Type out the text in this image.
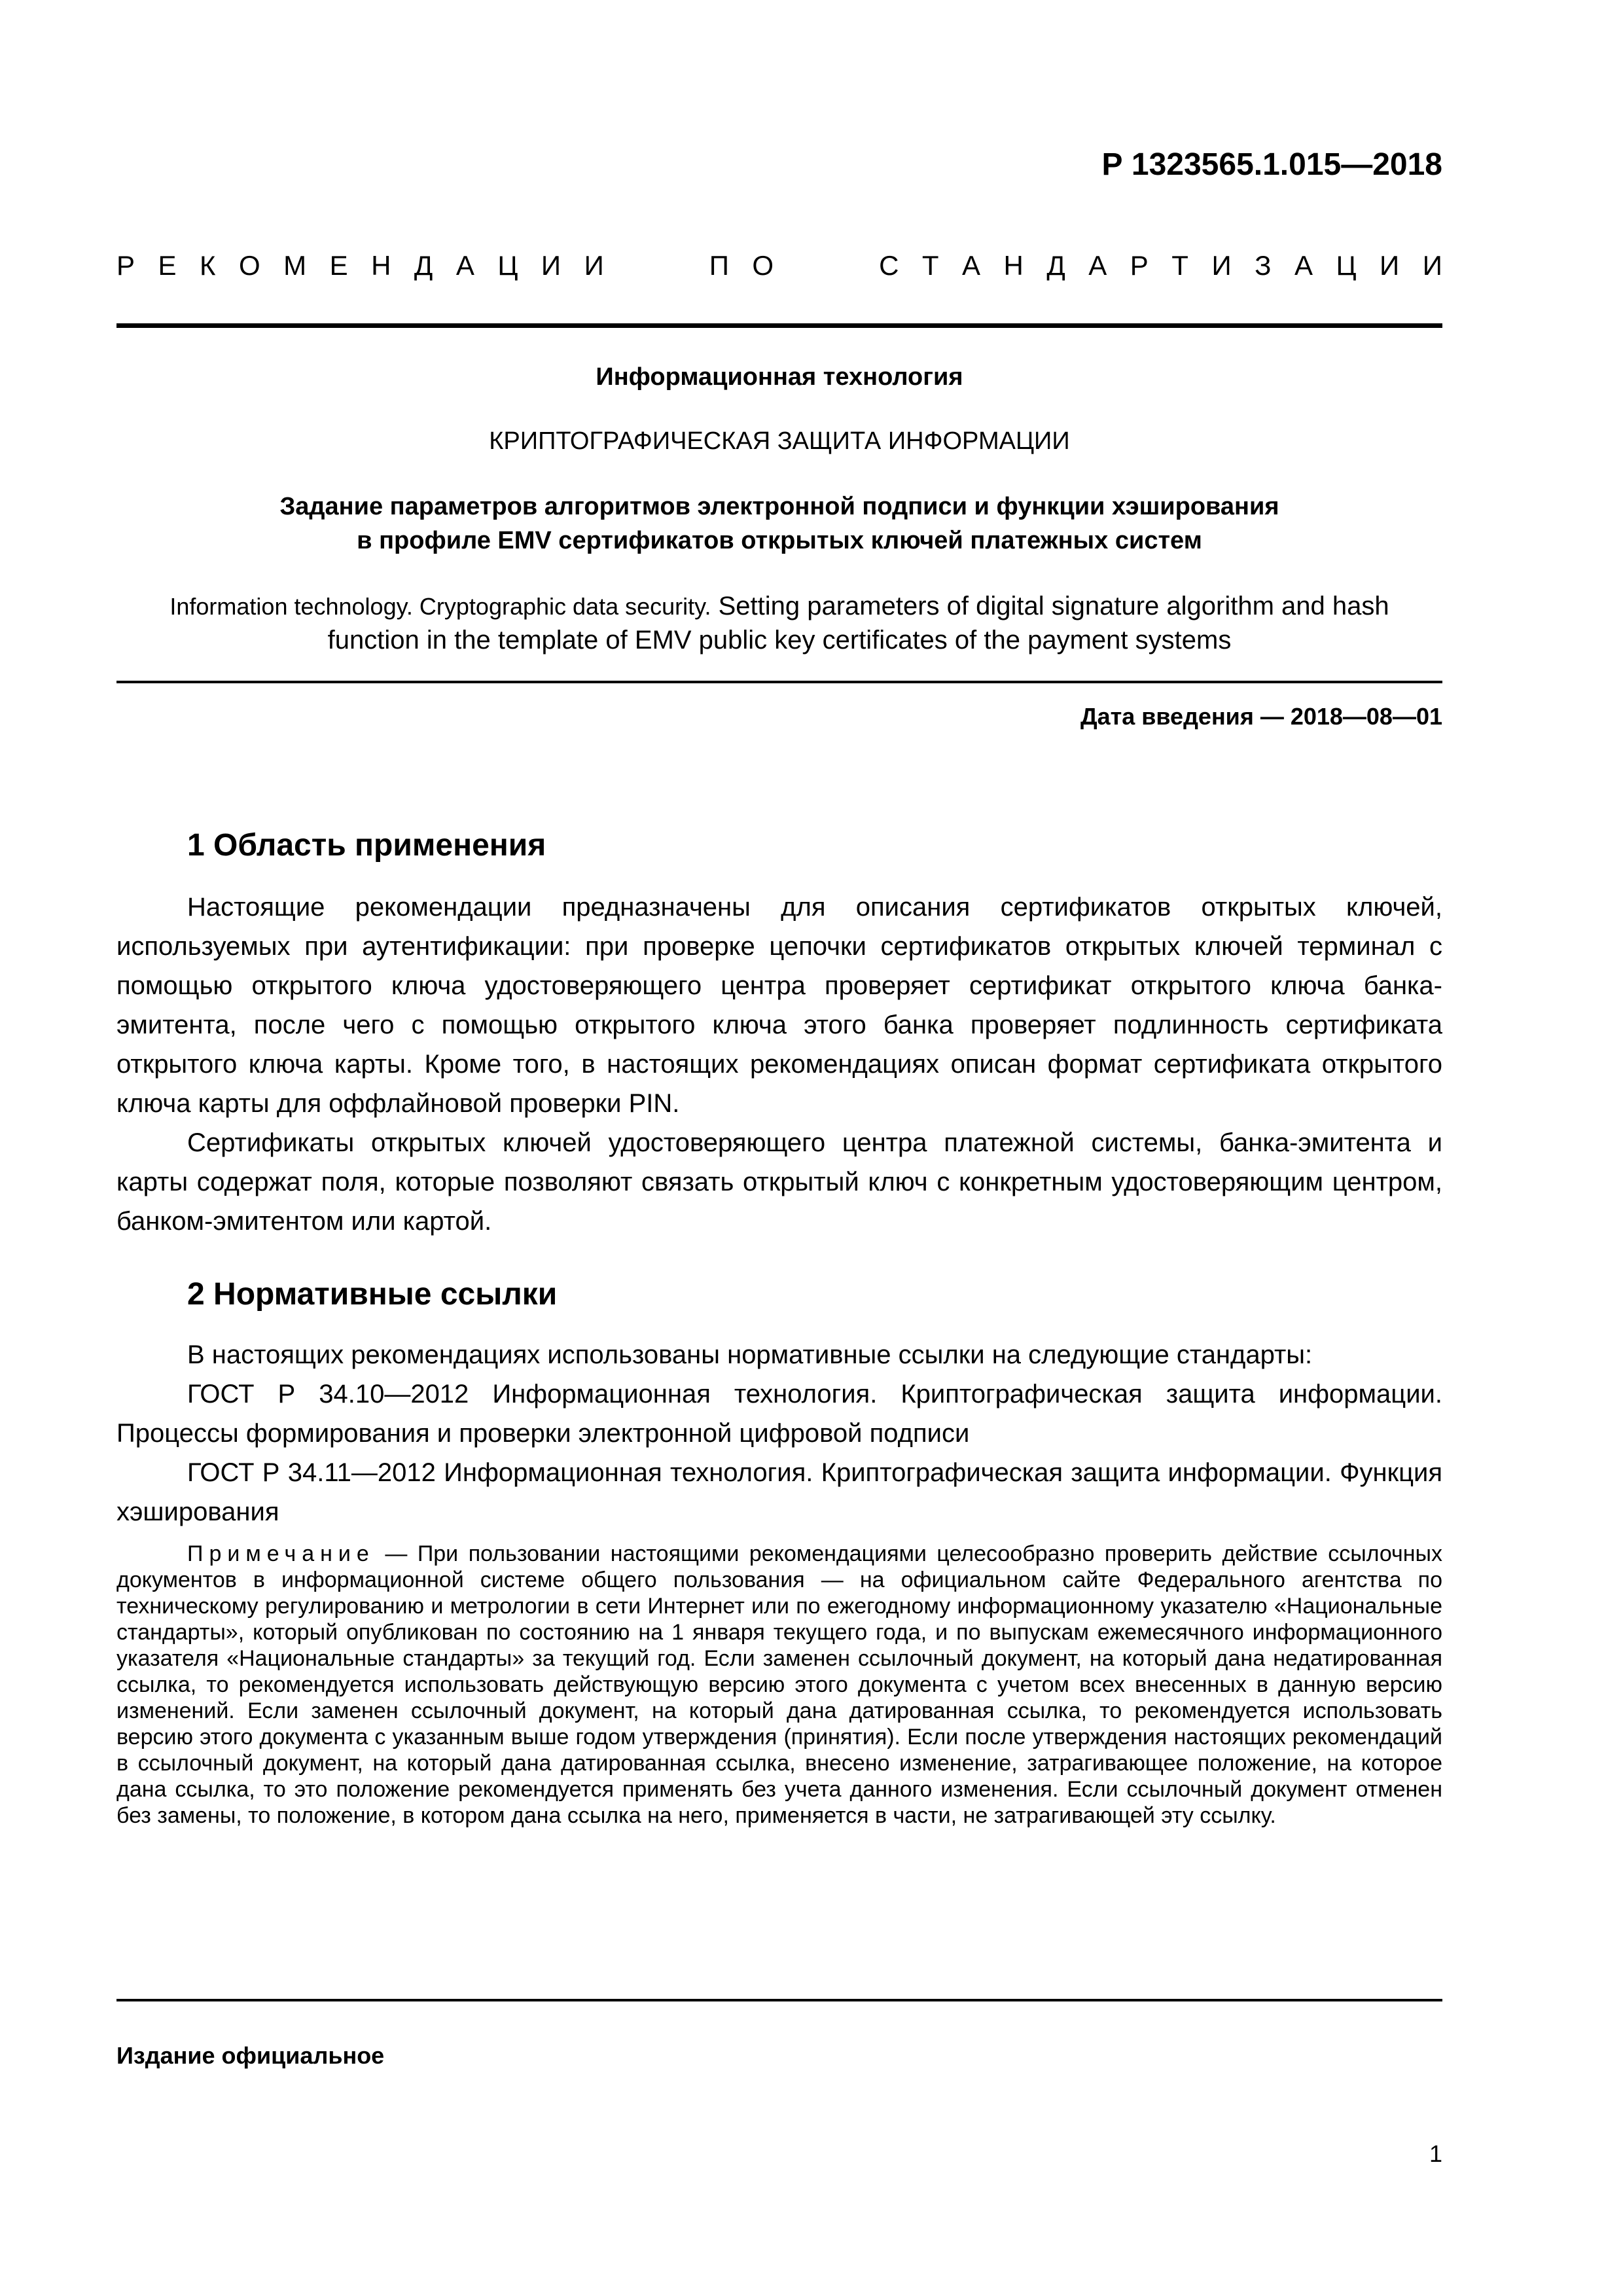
Р 1323565.1.015—2018
Р Е К О М Е Н Д А Ц И И	П О	С Т А Н Д А Р Т И З А Ц И И
Информационная технология
КРИПТОГРАФИЧЕСКАЯ ЗАЩИТА ИНФОРМАЦИИ
Задание параметров алгоритмов электронной подписи и функции хэширования
в профиле EMV сертификатов открытых ключей платежных систем
Information technology. Cryptographic data security. Setting parameters of digital signature algorithm and hash
function in the template of EMV public key certificates of the payment systems
Дата введения — 2018—08—01
1 Область применения

Настоящие рекомендации предназначены для описания сертификатов открытых ключей, используемых при аутентификации: при проверке цепочки сертификатов открытых ключей терминал с помощью открытого ключа удостоверяющего центра проверяет сертификат открытого ключа банка-эмитента, после чего с помощью открытого ключа этого банка проверяет подлинность сертификата открытого ключа карты. Кроме того, в настоящих рекомендациях описан формат сертификата открытого ключа карты для оффлайновой проверки PIN.

Сертификаты открытых ключей удостоверяющего центра платежной системы, банка-эмитента и карты содержат поля, которые позволяют связать открытый ключ с конкретным удостоверяющим центром, банком-эмитентом или картой.

2 Нормативные ссылки

В настоящих рекомендациях использованы нормативные ссылки на следующие стандарты:

ГОСТ Р 34.10—2012 Информационная технология. Криптографическая защита информации. Процессы формирования и проверки электронной цифровой подписи

ГОСТ Р 34.11—2012 Информационная технология. Криптографическая защита информации. Функция хэширования

Примечание — При пользовании настоящими рекомендациями целесообразно проверить действие ссылочных документов в информационной системе общего пользования — на официальном сайте Федерального агентства по техническому регулированию и метрологии в сети Интернет или по ежегодному информационному указателю «Национальные стандарты», который опубликован по состоянию на 1 января текущего года, и по выпускам ежемесячного информационного указателя «Национальные стандарты» за текущий год. Если заменен ссылочный документ, на который дана недатированная ссылка, то рекомендуется использовать действующую версию этого документа с учетом всех внесенных в данную версию изменений. Если заменен ссылочный документ, на который дана датированная ссылка, то рекомендуется использовать версию этого документа с указанным выше годом утверждения (принятия). Если после утверждения настоящих рекомендаций в ссылочный документ, на который дана датированная ссылка, внесено изменение, затрагивающее положение, на которое дана ссылка, то это положение рекомендуется применять без учета данного изменения. Если ссылочный документ отменен без замены, то положение, в котором дана ссылка на него, применяется в части, не затрагивающей эту ссылку.

Издание официальное
1
